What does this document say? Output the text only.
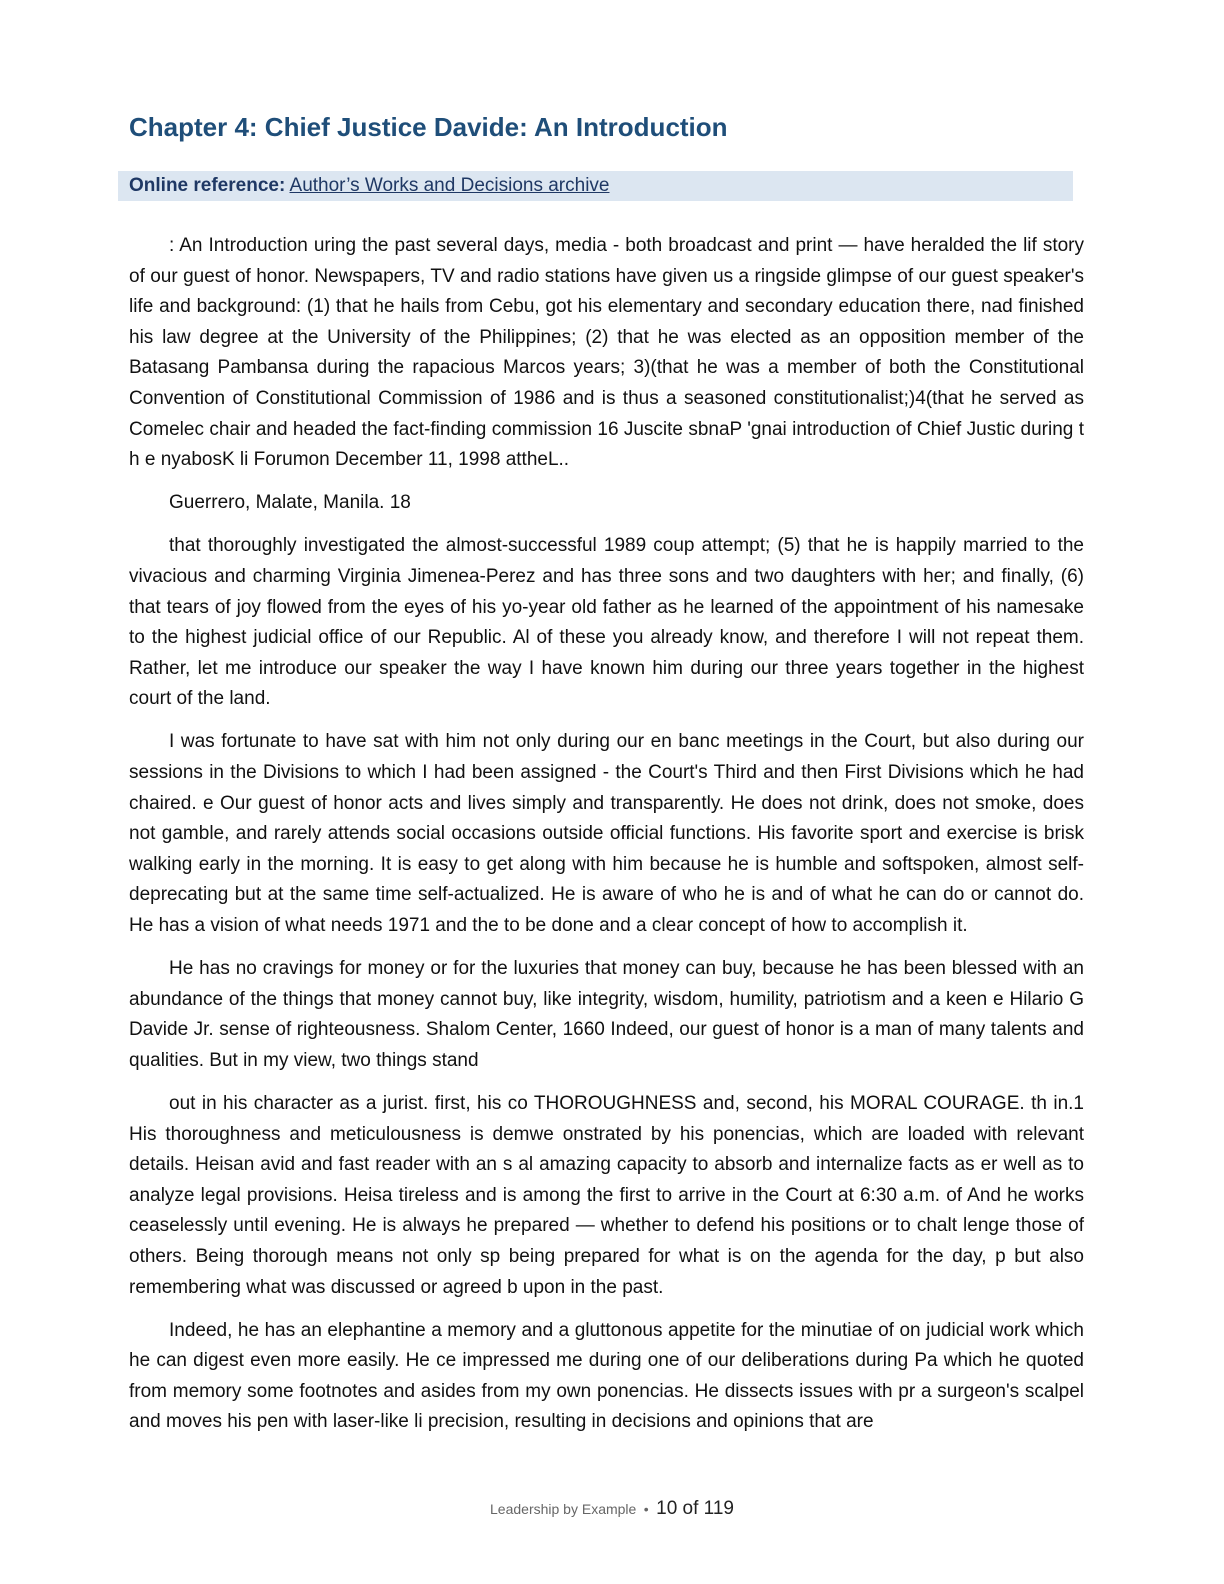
Chapter 4: Chief Justice Davide: An Introduction
Online reference: Author’s Works and Decisions archive

: An Introduction uring the past several days, media - both broadcast and print — have heralded the lif story of our guest of honor. Newspapers, TV and radio stations have given us a ringside glimpse of our guest speaker's life and background: (1) that he hails from Cebu, got his elementary and secondary education there, nad finished his law degree at the University of the Philippines; (2) that he was elected as an opposition member of the Batasang Pambansa during the rapacious Marcos years; 3)(that he was a member of both the Constitutional Convention of Constitutional Commission of 1986 and is thus a seasoned constitutionalist;)4(that he served as Comelec chair and headed the fact-finding commission 16 Juscite sbnaP 'gnai introduction of Chief Justic during t h e nyabosK li Forumon December 11, 1998 attheL..

Guerrero, Malate, Manila. 18

that thoroughly investigated the almost-successful 1989 coup attempt; (5) that he is happily married to the vivacious and charming Virginia Jimenea-Perez and has three sons and two daughters with her; and finally, (6) that tears of joy flowed from the eyes of his yo-year old father as he learned of the appointment of his namesake to the highest judicial office of our Republic. Al of these you already know, and therefore I will not repeat them. Rather, let me introduce our speaker the way I have known him during our three years together in the highest court of the land.

I was fortunate to have sat with him not only during our en banc meetings in the Court, but also during our sessions in the Divisions to which I had been assigned - the Court's Third and then First Divisions which he had chaired. e Our guest of honor acts and lives simply and transparently. He does not drink, does not smoke, does not gamble, and rarely attends social occasions outside official functions. His favorite sport and exercise is brisk walking early in the morning. It is easy to get along with him because he is humble and softspoken, almost self-deprecating but at the same time self-actualized. He is aware of who he is and of what he can do or cannot do. He has a vision of what needs 1971 and the to be done and a clear concept of how to accomplish it.

He has no cravings for money or for the luxuries that money can buy, because he has been blessed with an abundance of the things that money cannot buy, like integrity, wisdom, humility, patriotism and a keen e Hilario G Davide Jr. sense of righteousness. Shalom Center, 1660 Indeed, our guest of honor is a man of many talents and qualities. But in my view, two things stand

out in his character as a jurist. first, his co THOROUGHNESS and, second, his MORAL COURAGE. th in.1 His thoroughness and meticulousness is demwe onstrated by his ponencias, which are loaded with relevant details. Heisan avid and fast reader with an s al amazing capacity to absorb and internalize facts as er well as to analyze legal provisions. Heisa tireless and is among the first to arrive in the Court at 6:30 a.m. of And he works ceaselessly until evening. He is always he prepared — whether to defend his positions or to chalt lenge those of others. Being thorough means not only sp being prepared for what is on the agenda for the day, p but also remembering what was discussed or agreed b upon in the past.

Indeed, he has an elephantine a memory and a gluttonous appetite for the minutiae of on judicial work which he can digest even more easily. He ce impressed me during one of our deliberations during Pa which he quoted from memory some footnotes and asides from my own ponencias. He dissects issues with pr a surgeon's scalpel and moves his pen with laser-like li precision, resulting in decisions and opinions that are

Leadership by Example • 10 of 119
